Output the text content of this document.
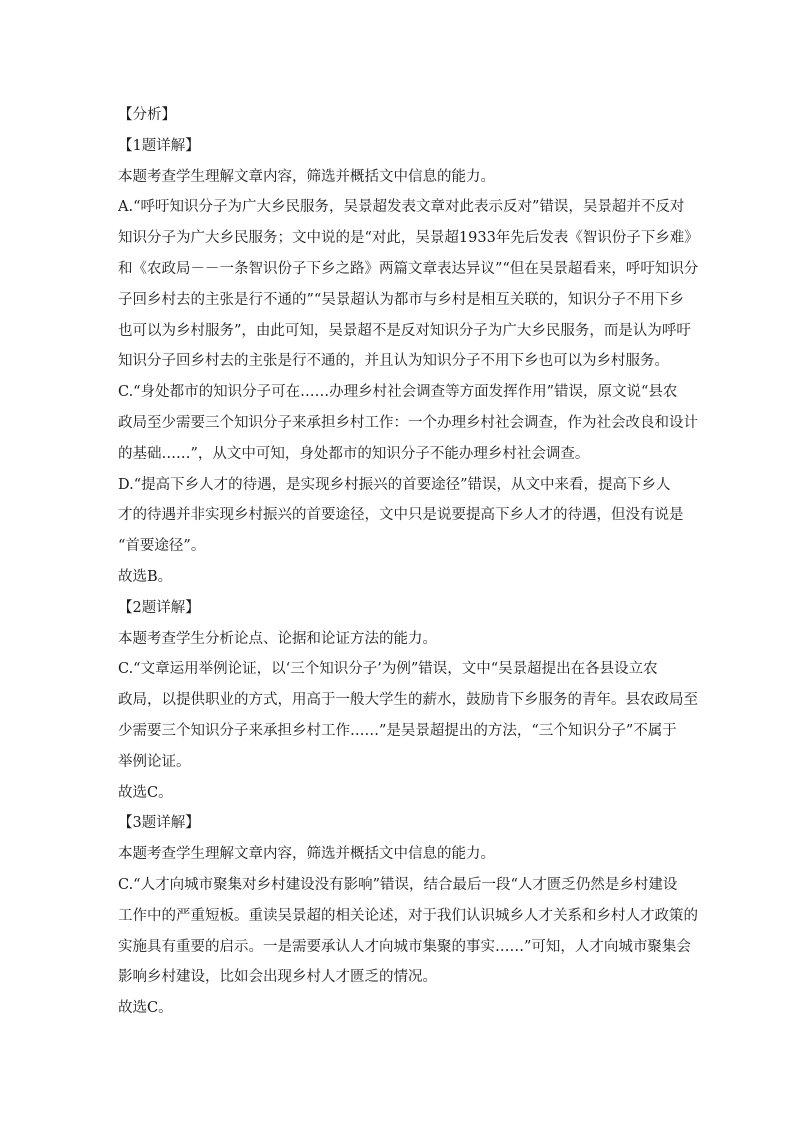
【分析】
【1题详解】
本题考查学生理解文章内容，筛选并概括文中信息的能力。
A.“呼吁知识分子为广大乡民服务，吴景超发表文章对此表示反对”错误，吴景超并不反对
知识分子为广大乡民服务；文中说的是“对此，吴景超1933年先后发表《智识份子下乡难》
和《农政局－－一条智识份子下乡之路》两篇文章表达异议”“但在吴景超看来，呼吁知识分
子回乡村去的主张是行不通的”“吴景超认为都市与乡村是相互关联的，知识分子不用下乡
也可以为乡村服务”，由此可知，吴景超不是反对知识分子为广大乡民服务，而是认为呼吁
知识分子回乡村去的主张是行不通的，并且认为知识分子不用下乡也可以为乡村服务。
C.“身处都市的知识分子可在……办理乡村社会调查等方面发挥作用”错误，原文说“县农
政局至少需要三个知识分子来承担乡村工作：一个办理乡村社会调查，作为社会改良和设计
的基础……”，从文中可知，身处都市的知识分子不能办理乡村社会调查。
D.“提高下乡人才的待遇，是实现乡村振兴的首要途径”错误，从文中来看，提高下乡人
才的待遇并非实现乡村振兴的首要途径，文中只是说要提高下乡人才的待遇，但没有说是
“首要途径”。
故选B。
【2题详解】
本题考查学生分析论点、论据和论证方法的能力。
C.“文章运用举例论证，以‘三个知识分子’为例”错误，文中“吴景超提出在各县设立农
政局，以提供职业的方式，用高于一般大学生的薪水，鼓励肯下乡服务的青年。县农政局至
少需要三个知识分子来承担乡村工作……”是吴景超提出的方法，“三个知识分子”不属于
举例论证。
故选C。
【3题详解】
本题考查学生理解文章内容，筛选并概括文中信息的能力。
C.“人才向城市聚集对乡村建设没有影响”错误，结合最后一段“人才匮乏仍然是乡村建设
工作中的严重短板。重读吴景超的相关论述，对于我们认识城乡人才关系和乡村人才政策的
实施具有重要的启示。一是需要承认人才向城市集聚的事实……”可知，人才向城市聚集会
影响乡村建设，比如会出现乡村人才匮乏的情况。
故选C。
